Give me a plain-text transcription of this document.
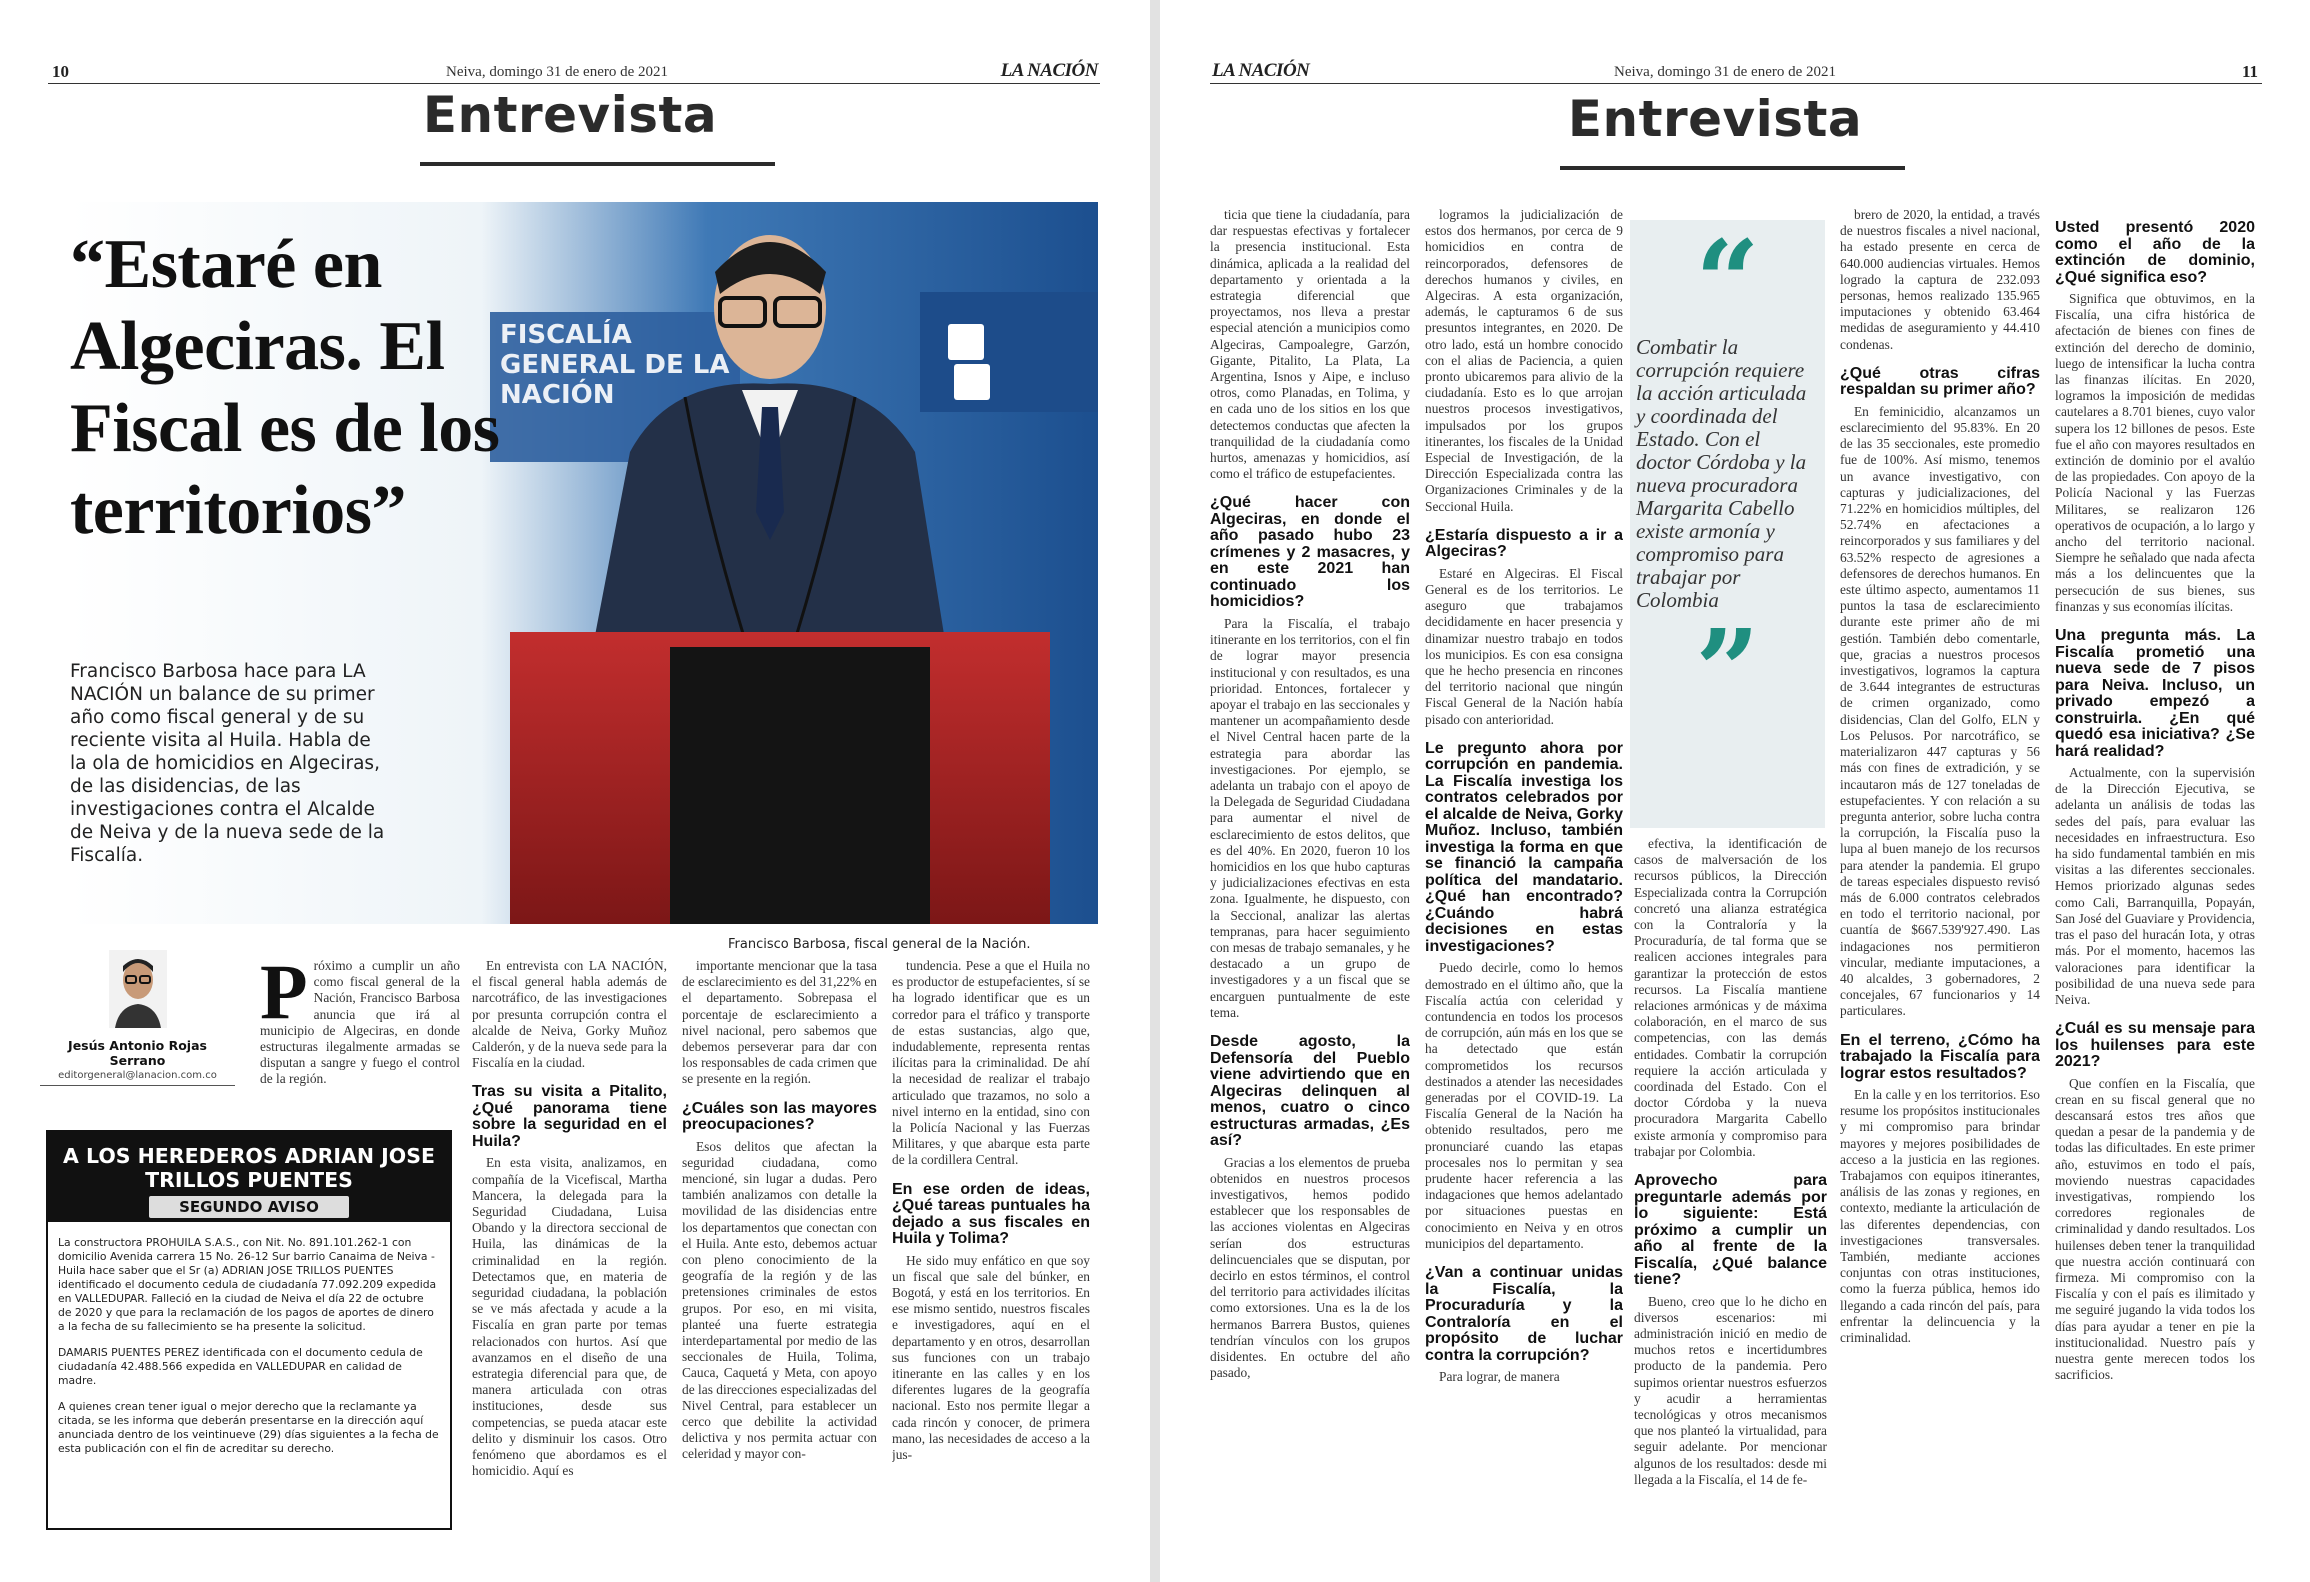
10	Neiva, domingo 31 de enero de 2021	LA NACIÓN
Entrevista
FISCALÍA GENERAL DE LA NACIÓN
“Estaré en Algeciras. El Fiscal es de los territorios”
Francisco Barbosa hace para LA NACIÓN un balance de su primer año como fiscal general y de su reciente visita al Huila. Habla de la ola de homicidios en Algeciras, de las disidencias, de las investigaciones contra el Alcalde de Neiva y de la nueva sede de la Fiscalía.
Francisco Barbosa, fiscal general de la Nación.
Jesús Antonio Rojas Serrano
editorgeneral@lanacion.com.co
P róximo a cumplir un año como fiscal general de la Nación, Francisco Barbosa anuncia que irá al municipio de Algeciras, en donde estructuras ilegalmente armadas se disputan a sangre y fuego el control de la región.
A LOS HEREDEROS ADRIAN JOSE TRILLOS PUENTES
SEGUNDO AVISO

La constructora PROHUILA S.A.S., con Nit. No. 891.101.262-1 con domicilio Avenida carrera 15 No. 26-12 Sur barrio Canaima de Neiva - Huila hace saber que el Sr (a) ADRIAN JOSE TRILLOS PUENTES identificado el documento cedula de ciudadanía 77.092.209 expedida en VALLEDUPAR. Falleció en la ciudad de Neiva el día 22 de octubre de 2020 y que para la reclamación de los pagos de aportes de dinero a la fecha de su fallecimiento se ha presente la solicitud.

DAMARIS PUENTES PEREZ identificada con el documento cedula de ciudadanía 42.488.566 expedida en VALLEDUPAR en calidad de madre.

A quienes crean tener igual o mejor derecho que la reclamante ya citada, se les informa que deberán presentarse en la dirección aquí anunciada dentro de los veintinueve (29) días siguientes a la fecha de esta publicación con el fin de acreditar su derecho.

En entrevista con LA NACIÓN, el fiscal general habla además de narcotráfico, de las investigaciones por presunta corrupción contra el alcalde de Neiva, Gorky Muñoz Calderón, y de la nueva sede para la Fiscalía en la ciudad.

Tras su visita a Pitalito, ¿Qué panorama tiene sobre la seguridad en el Huila?

En esta visita, analizamos, en compañía de la Vicefiscal, Martha Mancera, la delegada para la Seguridad Ciudadana, Luisa Obando y la directora seccional de Huila, las dinámicas de la criminalidad en la región. Detectamos que, en materia de seguridad ciudadana, la población se ve más afectada y acude a la Fiscalía en gran parte por temas relacionados con hurtos. Así que avanzamos en el diseño de una estrategia diferencial para que, de manera articulada con otras instituciones, desde sus competencias, se pueda atacar este delito y disminuir los casos. Otro fenómeno que abordamos es el homicidio. Aquí es

importante mencionar que la tasa de esclarecimiento es del 31,22% en el departamento. Sobrepasa el porcentaje de esclarecimiento a nivel nacional, pero sabemos que debemos perseverar para dar con los responsables de cada crimen que se presente en la región.

¿Cuáles son las mayores preocupaciones?

Esos delitos que afectan la seguridad ciudadana, como mencioné, sin lugar a dudas. Pero también analizamos con detalle la movilidad de las disidencias entre los departamentos que conectan con el Huila. Ante esto, debemos actuar con pleno conocimiento de la geografía de la región y de las pretensiones criminales de estos grupos. Por eso, en mi visita, planteé una fuerte estrategia interdepartamental por medio de las seccionales de Huila, Tolima, Cauca, Caquetá y Meta, con apoyo de las direcciones especializadas del Nivel Central, para establecer un cerco que debilite la actividad delictiva y nos permita actuar con celeridad y mayor con-

tundencia. Pese a que el Huila no es productor de estupefacientes, sí se ha logrado identificar que es un corredor para el tráfico y transporte de estas sustancias, algo que, indudablemente, representa rentas ilícitas para la criminalidad. De ahí la necesidad de realizar el trabajo articulado que trazamos, no solo a nivel interno en la entidad, sino con la Policía Nacional y las Fuerzas Militares, y que abarque esta parte de la cordillera Central.

En ese orden de ideas, ¿Qué tareas puntuales ha dejado a sus fiscales en Huila y Tolima?

He sido muy enfático en que soy un fiscal que sale del búnker, en Bogotá, y está en los territorios. En ese mismo sentido, nuestros fiscales e investigadores, aquí en el departamento y en otros, desarrollan sus funciones con un trabajo itinerante en las calles y en los diferentes lugares de la geografía nacional. Esto nos permite llegar a cada rincón y conocer, de primera mano, las necesidades de acceso a la jus-

LA NACIÓN	Neiva, domingo 31 de enero de 2021	11
Entrevista

ticia que tiene la ciudadanía, para dar respuestas efectivas y fortalecer la presencia institucional. Esta dinámica, aplicada a la realidad del departamento y orientada a la estrategia diferencial que proyectamos, nos lleva a prestar especial atención a municipios como Algeciras, Campoalegre, Garzón, Gigante, Pitalito, La Plata, La Argentina, Isnos y Aipe, e incluso otros, como Planadas, en Tolima, y en cada uno de los sitios en los que detectemos conductas que afecten la tranquilidad de la ciudadanía como hurtos, amenazas y homicidios, así como el tráfico de estupefacientes.

¿Qué hacer con Algeciras, en donde el año pasado hubo 23 crímenes y 2 masacres, y en este 2021 han continuado los homicidios?

Para la Fiscalía, el trabajo itinerante en los territorios, con el fin de lograr mayor presencia institucional y con resultados, es una prioridad. Entonces, fortalecer y apoyar el trabajo en las seccionales y mantener un acompañamiento desde el Nivel Central hacen parte de la estrategia para abordar las investigaciones. Por ejemplo, se adelanta un trabajo con el apoyo de la Delegada de Seguridad Ciudadana para aumentar el nivel de esclarecimiento de estos delitos, que es del 40%. En 2020, fueron 10 los homicidios en los que hubo capturas y judicializaciones efectivas en esta zona. Igualmente, he dispuesto, con la Seccional, analizar las alertas tempranas, para hacer seguimiento con mesas de trabajo semanales, y he destacado a un grupo de investigadores y a un fiscal que se encarguen puntualmente de este tema.

Desde agosto, la Defensoría del Pueblo viene advirtiendo que en Algeciras delinquen al menos, cuatro o cinco estructuras armadas, ¿Es así?

Gracias a los elementos de prueba obtenidos en nuestros procesos investigativos, hemos podido establecer que los responsables de las acciones violentas en Algeciras serían dos estructuras delincuenciales que se disputan, por decirlo en estos términos, el control del territorio para actividades ilícitas como extorsiones. Una es la de los hermanos Barrera Bustos, quienes tendrían vínculos con los grupos disidentes. En octubre del año pasado,

logramos la judicialización de estos dos hermanos, por cerca de 9 homicidios en contra de reincorporados, defensores de derechos humanos y civiles, en Algeciras. A esta organización, además, le capturamos 6 de sus presuntos integrantes, en 2020. De otro lado, está un hombre conocido con el alias de Paciencia, a quien pronto ubicaremos para alivio de la ciudadanía. Esto es lo que arrojan nuestros procesos investigativos, impulsados por los grupos itinerantes, los fiscales de la Unidad Especial de Investigación, de la Dirección Especializada contra las Organizaciones Criminales y de la Seccional Huila.

¿Estaría dispuesto a ir a Algeciras?

Estaré en Algeciras. El Fiscal General es de los territorios. Le aseguro que trabajamos decididamente en hacer presencia y dinamizar nuestro trabajo en todos los municipios. Es con esa consigna que he hecho presencia en rincones del territorio nacional que ningún Fiscal General de la Nación había pisado con anterioridad.

Le pregunto ahora por corrupción en pandemia. La Fiscalía investiga los contratos celebrados por el alcalde de Neiva, Gorky Muñoz. Incluso, también investiga la forma en que se financió la campaña política del mandatario. ¿Qué han encontrado? ¿Cuándo habrá decisiones en estas investigaciones?

Puedo decirle, como lo hemos demostrado en el último año, que la Fiscalía actúa con celeridad y contundencia en todos los procesos de corrupción, aún más en los que se ha detectado que están comprometidos los recursos destinados a atender las necesidades generadas por el COVID-19. La Fiscalía General de la Nación ha obtenido resultados, pero me pronunciaré cuando las etapas procesales nos lo permitan y sea prudente hacer referencia a las indagaciones que hemos adelantado por situaciones puestas en conocimiento en Neiva y en otros municipios del departamento.

¿Van a continuar unidas la Fiscalía, la Procuraduría y la Contraloría en el propósito de luchar contra la corrupción?

Para lograr, de manera

“
Combatir la corrupción requiere la acción articulada y coordinada del Estado. Con el doctor Córdoba y la nueva procuradora Margarita Cabello existe armonía y compromiso para trabajar por Colombia
”

efectiva, la identificación de casos de malversación de los recursos públicos, la Dirección Especializada contra la Corrupción concretó una alianza estratégica con la Contraloría y la Procuraduría, de tal forma que se realicen acciones integrales para garantizar la protección de estos recursos. La Fiscalía mantiene relaciones armónicas y de máxima colaboración, en el marco de sus competencias, con las demás entidades. Combatir la corrupción requiere la acción articulada y coordinada del Estado. Con el doctor Córdoba y la nueva procuradora Margarita Cabello existe armonía y compromiso para trabajar por Colombia.

Aprovecho para preguntarle además por lo siguiente: Está próximo a cumplir un año al frente de la Fiscalía, ¿Qué balance tiene?

Bueno, creo que lo he dicho en diversos escenarios: mi administración inició en medio de muchos retos e incertidumbres producto de la pandemia. Pero supimos orientar nuestros esfuerzos y acudir a herramientas tecnológicas y otros mecanismos que nos planteó la virtualidad, para seguir adelante. Por mencionar algunos de los resultados: desde mi llegada a la Fiscalía, el 14 de fe-

brero de 2020, la entidad, a través de nuestros fiscales a nivel nacional, ha estado presente en cerca de 640.000 audiencias virtuales. Hemos logrado la captura de 232.093 personas, hemos realizado 135.965 imputaciones y obtenido 63.464 medidas de aseguramiento y 44.410 condenas.

¿Qué otras cifras respaldan su primer año?

En feminicidio, alcanzamos un esclarecimiento del 95.83%. En 20 de las 35 seccionales, este promedio fue de 100%. Así mismo, tenemos un avance investigativo, con capturas y judicializaciones, del 71.22% en homicidios múltiples, del 52.74% en afectaciones a reincorporados y sus familiares y del 63.52% respecto de agresiones a defensores de derechos humanos. En este último aspecto, aumentamos 11 puntos la tasa de esclarecimiento durante este primer año de mi gestión. También debo comentarle, que, gracias a nuestros procesos investigativos, logramos la captura de 3.644 integrantes de estructuras de crimen organizado, como disidencias, Clan del Golfo, ELN y Los Pelusos. Por narcotráfico, se materializaron 447 capturas y 56 más con fines de extradición, y se incautaron más de 127 toneladas de estupefacientes. Y con relación a su pregunta anterior, sobre lucha contra la corrupción, la Fiscalía puso la lupa al buen manejo de los recursos para atender la pandemia. El grupo de tareas especiales dispuesto revisó más de 6.000 contratos celebrados en todo el territorio nacional, por cuantía de $667.539'927.490. Las indagaciones nos permitieron vincular, mediante imputaciones, a 40 alcaldes, 3 gobernadores, 2 concejales, 67 funcionarios y 14 particulares.

En el terreno, ¿Cómo ha trabajado la Fiscalía para lograr estos resultados?

En la calle y en los territorios. Eso resume los propósitos institucionales y mi compromiso para brindar mayores y mejores posibilidades de acceso a la justicia en las regiones. Trabajamos con equipos itinerantes, análisis de las zonas y regiones, en contexto, mediante la articulación de las diferentes dependencias, con investigaciones transversales. También, mediante acciones conjuntas con otras instituciones, como la fuerza pública, hemos ido llegando a cada rincón del país, para enfrentar la delincuencia y la criminalidad.

Usted presentó 2020 como el año de la extinción de dominio, ¿Qué significa eso?

Significa que obtuvimos, en la Fiscalía, una cifra histórica de afectación de bienes con fines de extinción del derecho de dominio, luego de intensificar la lucha contra las finanzas ilícitas. En 2020, logramos la imposición de medidas cautelares a 8.701 bienes, cuyo valor supera los 12 billones de pesos. Este fue el año con mayores resultados en extinción de dominio por el avalúo de las propiedades. Con apoyo de la Policía Nacional y las Fuerzas Militares, se realizaron 126 operativos de ocupación, a lo largo y ancho del territorio nacional. Siempre he señalado que nada afecta más a los delincuentes que la persecución de sus bienes, sus finanzas y sus economías ilícitas.

Una pregunta más. La Fiscalía prometió una nueva sede de 7 pisos para Neiva. Incluso, un privado empezó a construirla. ¿En qué quedó esa iniciativa? ¿Se hará realidad?

Actualmente, con la supervisión de la Dirección Ejecutiva, se adelanta un análisis de todas las sedes del país, para evaluar las necesidades en infraestructura. Eso ha sido fundamental también en mis visitas a las diferentes seccionales. Hemos priorizado algunas sedes como Cali, Barranquilla, Popayán, San José del Guaviare y Providencia, tras el paso del huracán Iota, y otras más. Por el momento, hacemos las valoraciones para identificar la posibilidad de una nueva sede para Neiva.

¿Cuál es su mensaje para los huilenses para este 2021?

Que confíen en la Fiscalía, que crean en su fiscal general que no descansará estos tres años que quedan a pesar de la pandemia y de todas las dificultades. En este primer año, estuvimos en todo el país, moviendo nuestras capacidades investigativas, rompiendo los corredores regionales de criminalidad y dando resultados. Los huilenses deben tener la tranquilidad que nuestra acción continuará con firmeza. Mi compromiso con la Fiscalía y con el país es ilimitado y me seguiré jugando la vida todos los días para ayudar a tener en pie la institucionalidad. Nuestro país y nuestra gente merecen todos los sacrificios.
